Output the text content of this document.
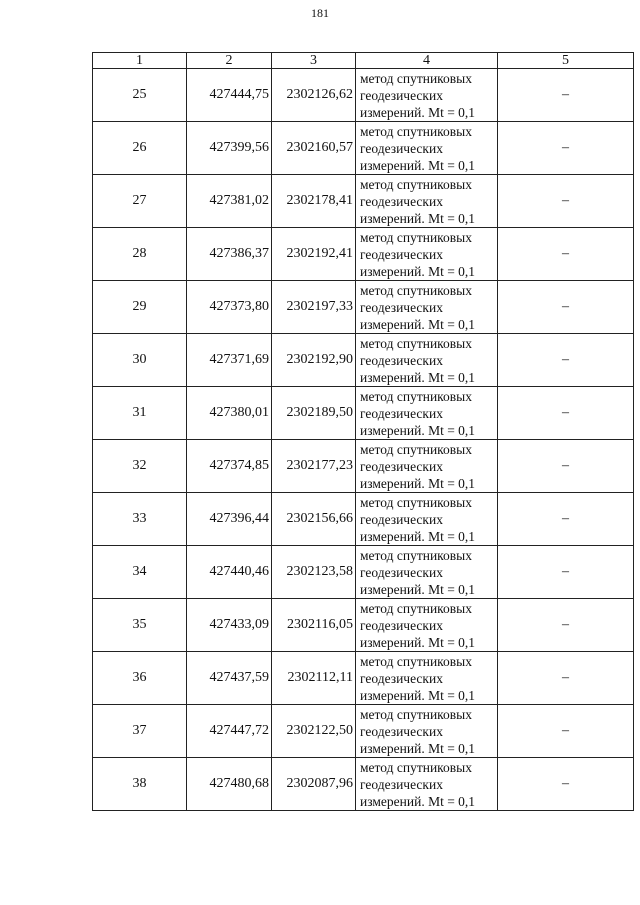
181
1	2	3	4	5
25	427444,75	2302126,62	метод спутниковых
геодезических
измерений. Mt = 0,1	–
26	427399,56	2302160,57	метод спутниковых
геодезических
измерений. Mt = 0,1	–
27	427381,02	2302178,41	метод спутниковых
геодезических
измерений. Mt = 0,1	–
28	427386,37	2302192,41	метод спутниковых
геодезических
измерений. Mt = 0,1	–
29	427373,80	2302197,33	метод спутниковых
геодезических
измерений. Mt = 0,1	–
30	427371,69	2302192,90	метод спутниковых
геодезических
измерений. Mt = 0,1	–
31	427380,01	2302189,50	метод спутниковых
геодезических
измерений. Mt = 0,1	–
32	427374,85	2302177,23	метод спутниковых
геодезических
измерений. Mt = 0,1	–
33	427396,44	2302156,66	метод спутниковых
геодезических
измерений. Mt = 0,1	–
34	427440,46	2302123,58	метод спутниковых
геодезических
измерений. Mt = 0,1	–
35	427433,09	2302116,05	метод спутниковых
геодезических
измерений. Mt = 0,1	–
36	427437,59	2302112,11	метод спутниковых
геодезических
измерений. Mt = 0,1	–
37	427447,72	2302122,50	метод спутниковых
геодезических
измерений. Mt = 0,1	–
38	427480,68	2302087,96	метод спутниковых
геодезических
измерений. Mt = 0,1	–
